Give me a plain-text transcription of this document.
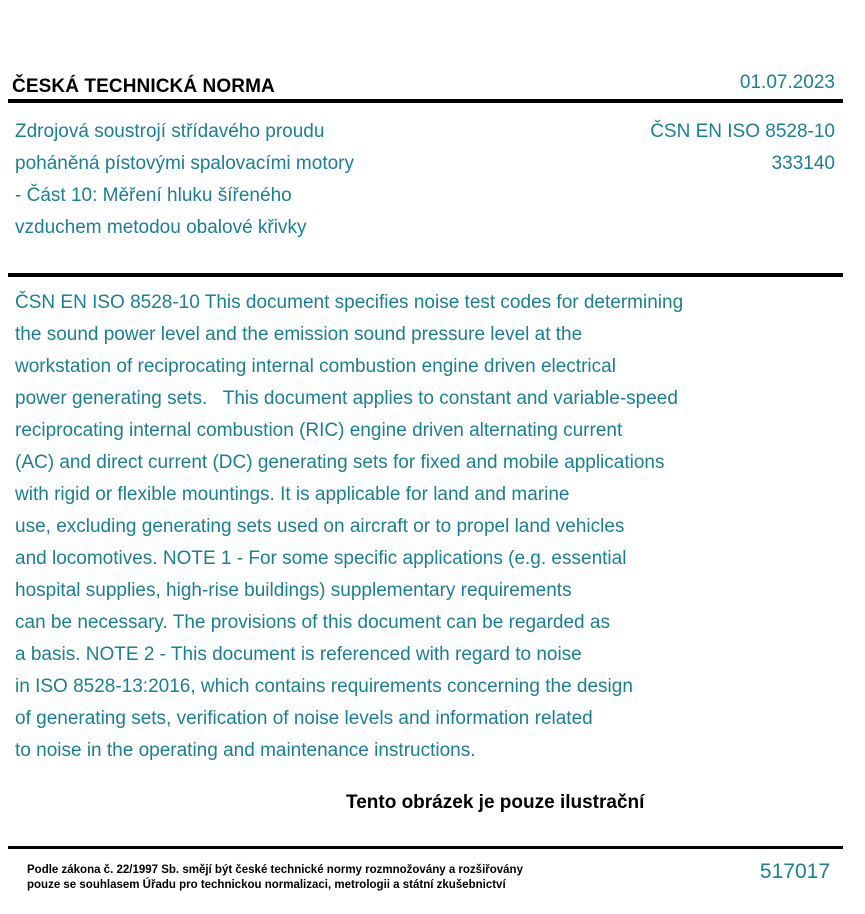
ČESKÁ TECHNICKÁ NORMA	01.07.2023
Zdrojová soustrojí střídavého proudu
poháněná pístovými spalovacími motory
- Část 10: Měření hluku šířeného
vzduchem metodou obalové křivky
ČSN EN ISO 8528-10
333140
ČSN EN ISO 8528-10 This document specifies noise test codes for determining
the sound power level and the emission sound pressure level at the
workstation of reciprocating internal combustion engine driven electrical
power generating sets.   This document applies to constant and variable-speed
reciprocating internal combustion (RIC) engine driven alternating current
(AC) and direct current (DC) generating sets for fixed and mobile applications
with rigid or flexible mountings. It is applicable for land and marine
use, excluding generating sets used on aircraft or to propel land vehicles
and locomotives. NOTE 1 - For some specific applications (e.g. essential
hospital supplies, high-rise buildings) supplementary requirements
can be necessary. The provisions of this document can be regarded as
a basis. NOTE 2 - This document is referenced with regard to noise
in ISO 8528-13:2016, which contains requirements concerning the design
of generating sets, verification of noise levels and information related
to noise in the operating and maintenance instructions.
Tento obrázek je pouze ilustrační
Podle zákona č. 22/1997 Sb. smějí být české technické normy rozmnožovány a rozšiřovány
pouze se souhlasem Úřadu pro technickou normalizaci, metrologii a státní zkušebnictví
517017
